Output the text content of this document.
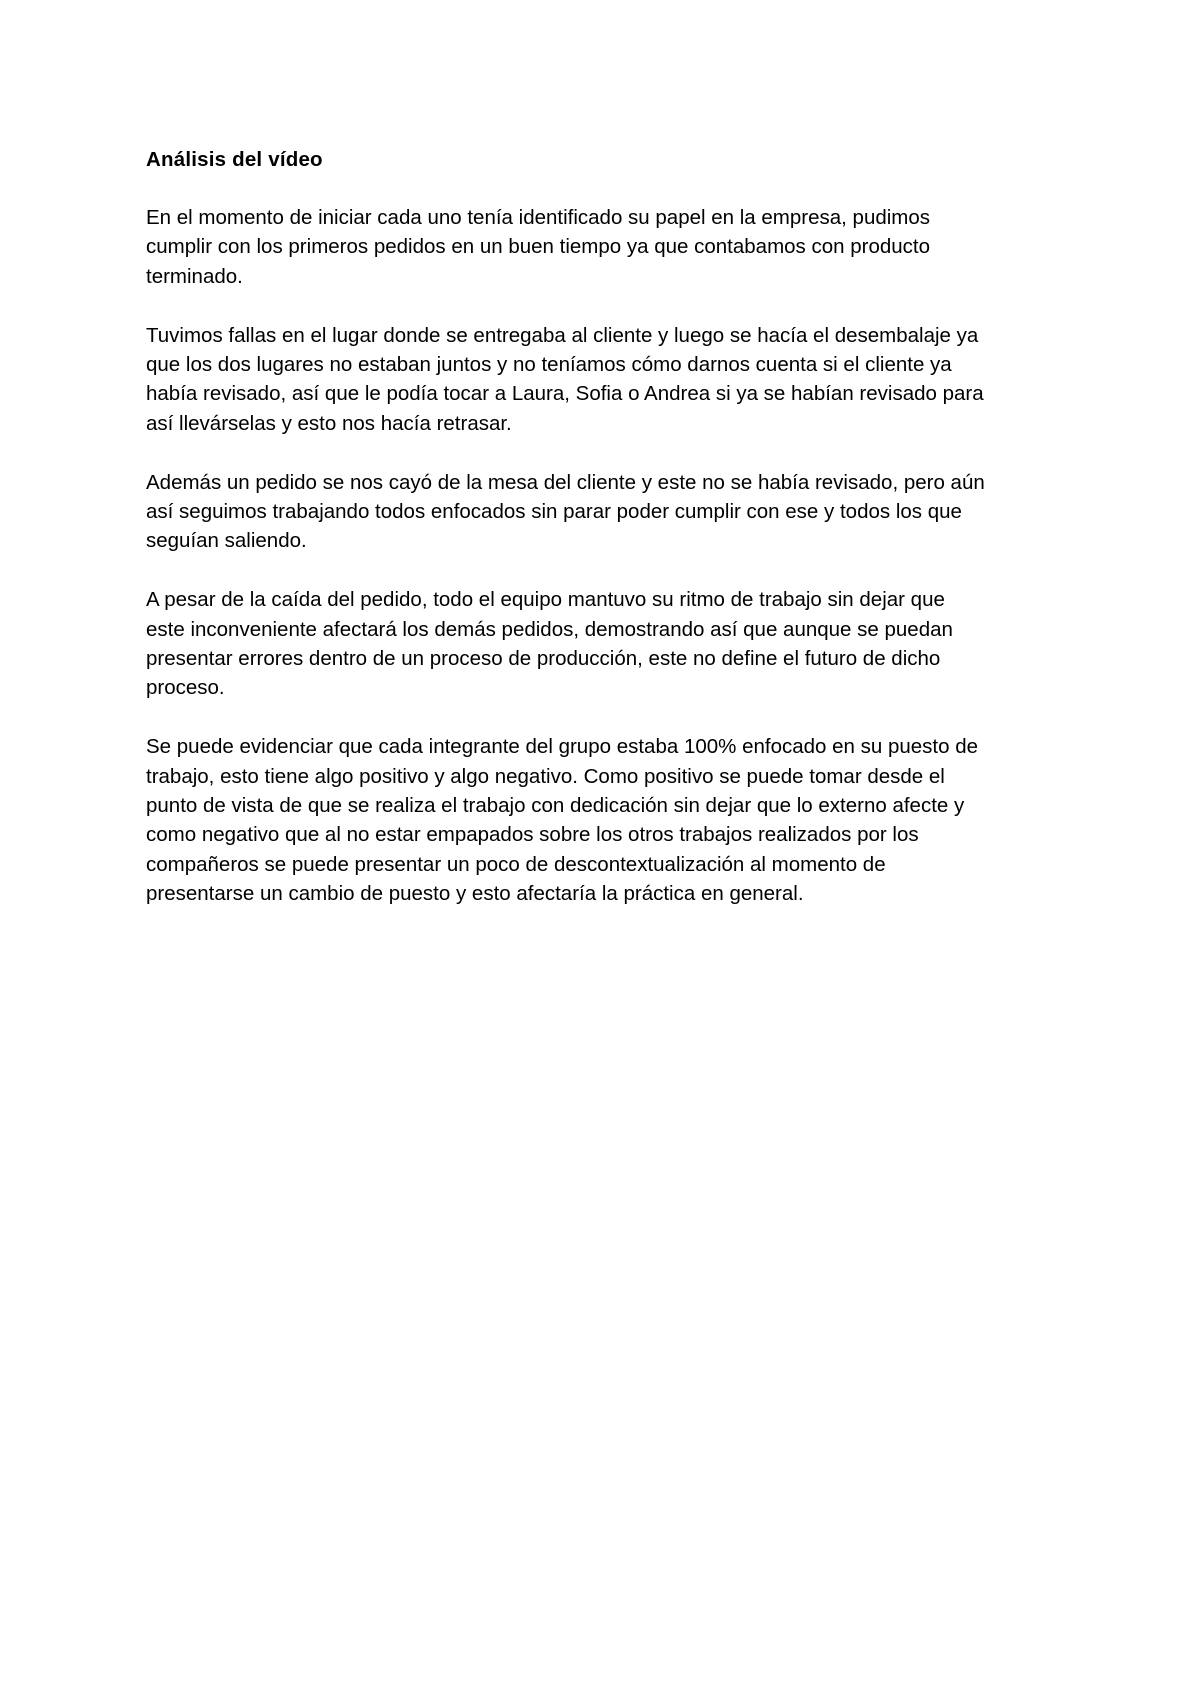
Análisis del vídeo

En el momento de iniciar cada uno tenía identificado su papel en la empresa, pudimos
cumplir con los primeros pedidos en un buen tiempo ya que contabamos con producto
terminado.

Tuvimos fallas en el lugar donde se entregaba al cliente y luego se hacía el desembalaje ya
que los dos lugares no estaban juntos y no teníamos cómo darnos cuenta si el cliente ya
había revisado, así que le podía tocar a Laura, Sofia o Andrea si ya se habían revisado para
así llevárselas y esto nos hacía retrasar.

Además un pedido se nos cayó de la mesa del cliente y este no se había revisado, pero aún
así seguimos trabajando todos enfocados sin parar poder cumplir con ese y todos los que
seguían saliendo.

A pesar de la caída del pedido, todo el equipo mantuvo su ritmo de trabajo sin dejar que
este inconveniente afectará los demás pedidos, demostrando así que aunque se puedan
presentar errores dentro de un proceso de producción, este no define el futuro de dicho
proceso.

Se puede evidenciar que cada integrante del grupo estaba 100% enfocado en su puesto de
trabajo, esto tiene algo positivo y algo negativo. Como positivo se puede tomar desde el
punto de vista de que se realiza el trabajo con dedicación sin dejar que lo externo afecte y
como negativo que al no estar empapados sobre los otros trabajos realizados por los
compañeros se puede presentar un poco de descontextualización al momento de
presentarse un cambio de puesto y esto afectaría la práctica en general.
